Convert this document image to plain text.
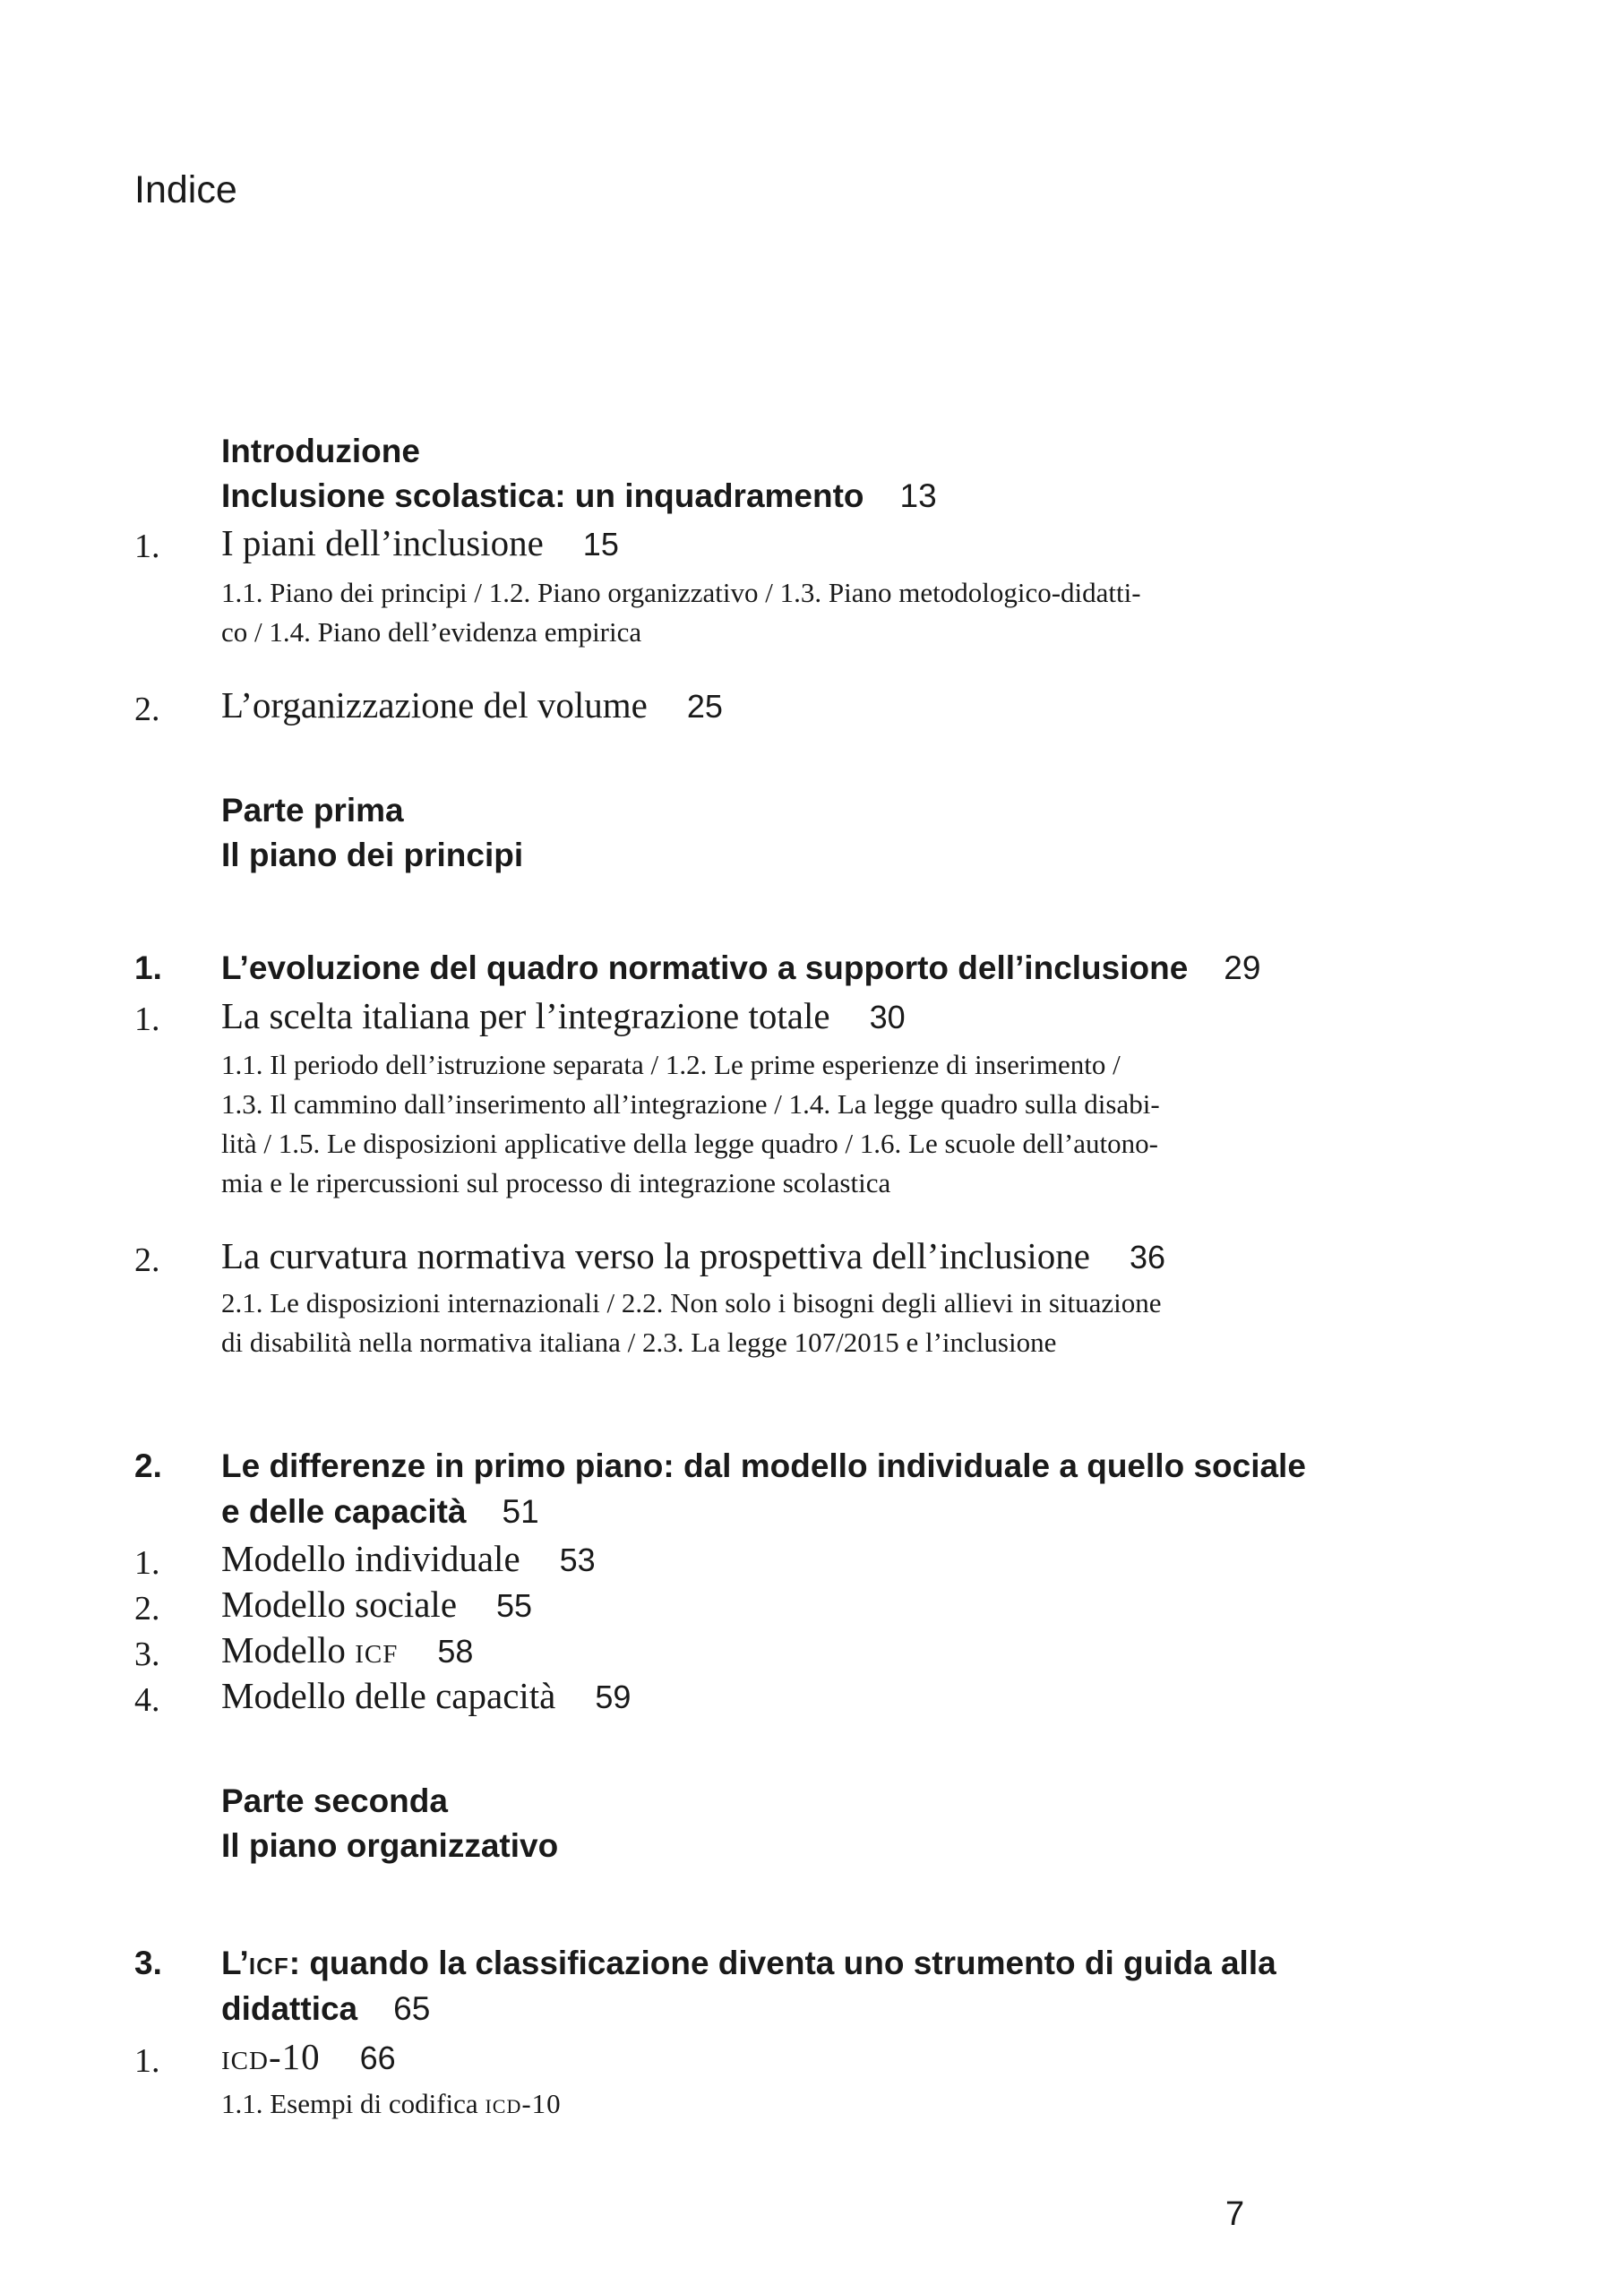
Indice
Introduzione
Inclusione scolastica: un inquadramento 13
1. I piani dell’inclusione 15
1.1. Piano dei principi / 1.2. Piano organizzativo / 1.3. Piano metodologico-didatti-
co / 1.4. Piano dell’evidenza empirica
2. L’organizzazione del volume 25
Parte prima
Il piano dei principi
1. L’evoluzione del quadro normativo a supporto dell’inclusione 29
1. La scelta italiana per l’integrazione totale 30
1.1. Il periodo dell’istruzione separata / 1.2. Le prime esperienze di inserimento /
1.3. Il cammino dall’inserimento all’integrazione / 1.4. La legge quadro sulla disabi-
lità / 1.5. Le disposizioni applicative della legge quadro / 1.6. Le scuole dell’autono-
mia e le ripercussioni sul processo di integrazione scolastica
2. La curvatura normativa verso la prospettiva dell’inclusione 36
2.1. Le disposizioni internazionali / 2.2. Non solo i bisogni degli allievi in situazione
di disabilità nella normativa italiana / 2.3. La legge 107/2015 e l’inclusione
2. Le differenze in primo piano: dal modello individuale a quello sociale
e delle capacità 51
1. Modello individuale 53
2. Modello sociale 55
3. Modello icf 58
4. Modello delle capacità 59
Parte seconda
Il piano organizzativo
3. L’icf: quando la classificazione diventa uno strumento di guida alla
didattica 65
1. icd-10 66
1.1. Esempi di codifica icd-10
7
